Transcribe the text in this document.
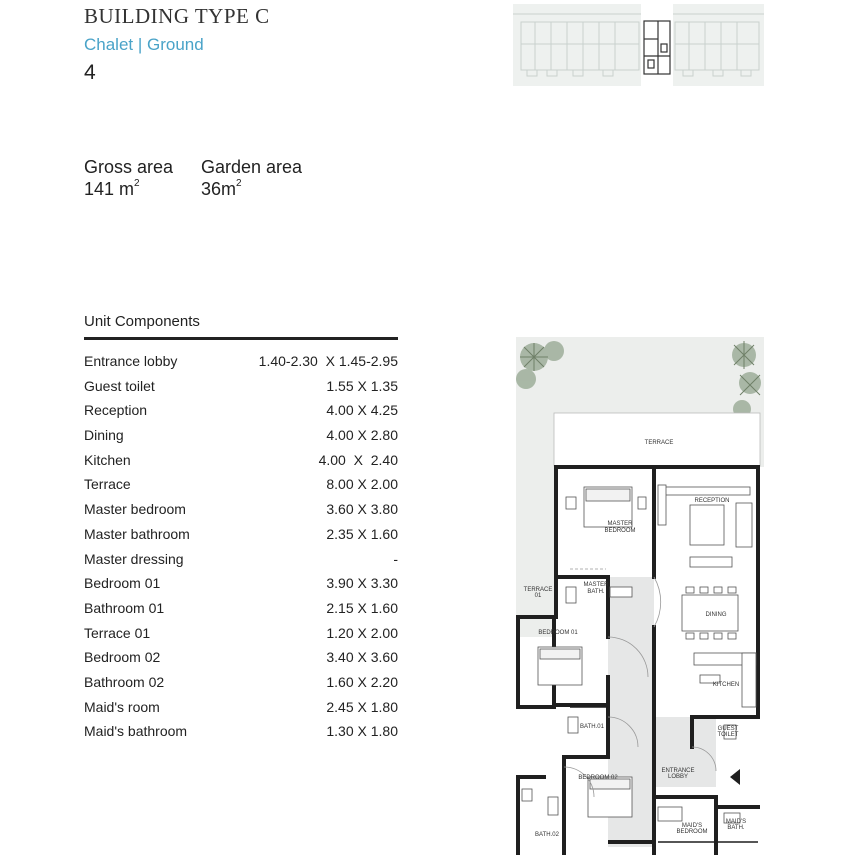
BUILDING TYPE C
Chalet | Ground
4
Gross area
141 $m^2$
Garden area
$36m^2$
Unit Components
Entrance lobby	1.40-2.30  X 1.45-2.95
Guest toilet	1.55 X 1.35
Reception	4.00 X 4.25
Dining	4.00 X 2.80
Kitchen	4.00  X  2.40
Terrace	8.00 X 2.00
Master bedroom	3.60 X 3.80
Master bathroom	2.35 X 1.60
Master dressing	-
Bedroom 01	3.90 X 3.30
Bathroom 01	2.15 X 1.60
Terrace 01	1.20 X 2.00
Bedroom 02	3.40 X 3.60
Bathroom 02	1.60 X 2.20
Maid's room	2.45 X 1.80
Maid's bathroom	1.30 X 1.80
TERRACE
RECEPTION
MASTER
BEDROOM
MASTER
BATH.
TERRACE
01
BEDROOM 01
DINING
KITCHEN
BATH.01	GUEST
TOILET
BEDROOM 02
ENTRANCE
LOBBY
MAID'S
BEDROOM
MAID'S
BATH.
BATH.02
